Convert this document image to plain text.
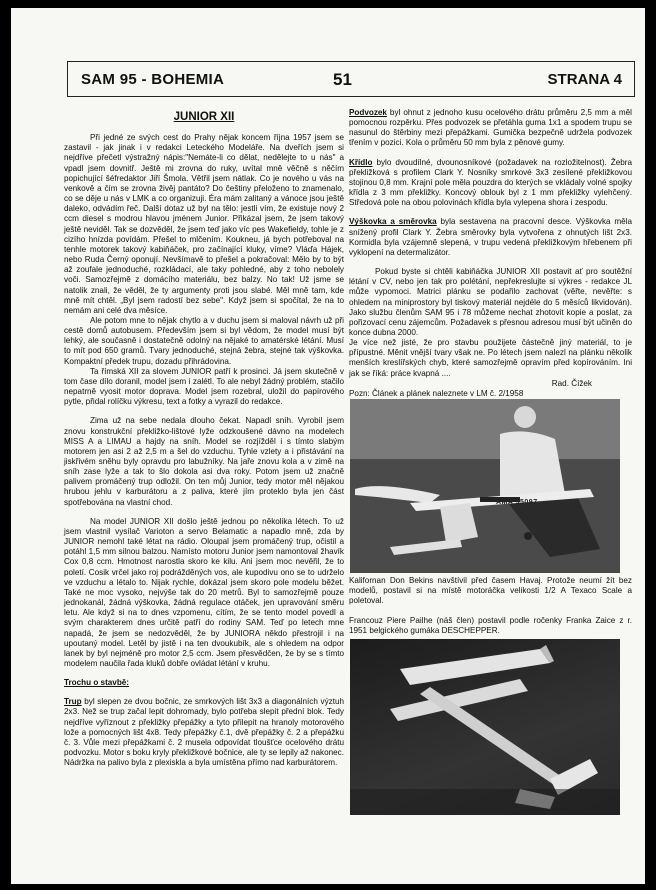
SAM 95 - BOHEMIA	51	STRANA 4
JUNIOR XII

Při jedné ze svých cest do Prahy nějak koncem října 1957 jsem se zastavil - jak jinak i v redakci Leteckého Modeláře. Na dveřích jsem si nejdříve přečetl výstražný nápis:"Nemáte-li co dělat, nedělejte to u nás" a vpadl jsem dovnitř. Ještě mi zrovna do ruky, uvítal mně věčně s něčím popichující šéfredaktor Jiří Šmola. Větřil jsem nátlak. Co je nového u vás na venkově a čím se zrovna živěj pantáto? Do češtiny přeloženo to znamenalo, co se děje u nás v LMK a co organizuji. Éra mám zalitaný a vánoce jsou ještě daleko, odvádím řeč. Další dotaz už byl na tělo: jestli vím, že existuje nový 2 ccm diesel s modrou hlavou jménem Junior. Přikázal jsem, že jsem takový ještě neviděl. Tak se dozvěděl, že jsem teď jako víc pes Wakefieldy, tohle je z cizího hnízda povídám. Přešel to mlčením. Koukneu, já bych potřeboval na tenhle motorek takový kabiňáček, pro začínající kluky, víme? Vláďa Hájek, nebo Ruda Černý oponují. Nevšímavě to přešel a pokračoval: Mělo by to být až zoufale jednoduché, rozkládací, ale taky pohledné, aby z toho nebolely voči. Samozřejmě z domácího materiálu, bez balzy. No tak! Už jsme se natolik znali, že věděl, že ty argumenty proti jsou slabé. Měl mně tam, kde mně mít chtěl. „Byl jsem radostí bez sebe". Když jsem si spočítal, že na to nemám ani celé dva měsíce.

Ale potom mne to nějak chytlo a v duchu jsem si maloval návrh už při cestě domů autobusem. Především jsem si byl vědom, že model musí být lehký, ale současně i dostatečně odolný na nějaké to amatérské létání. Musí to mít pod 650 gramů. Tvary jednoduché, stejná žebra, stejné tak výškovka. Kompaktní předek trupu, dozadu přihrádovina.

Ta římská XII za slovem JUNIOR patří k prosinci. Já jsem skutečně v tom čase dílo doranil, model jsem i zalétl. To ale nebyl žádný problém, stačilo nepatrně vyosit motor doprava. Model jsem rozebral, uložil do papírového pytle, přidal rolíčku výkresu, text a fotky a vyrazil do redakce.

Zima už na sebe nedala dlouho čekat. Napadl sníh. Vyrobil jsem znovu konstrukční překližko-lištové lyže odzkoušené dávno na modelech MISS A a LIMAU a hajdy na sníh. Model se rozjížděl i s tímto slabým motorem jen asi 2 až 2,5 m a šel do vzduchu. Tyhle vzlety a i přistávání na jiskřivém sněhu byly opravdu pro labužníky. Na jaře znovu kola a v zimě na sníh zase lyže a tak to šlo dokola asi dva roky. Potom jsem už značně palivem promáčený trup odložil. On ten můj Junior, tedy motor měl nějakou hrubou jehlu v karburátoru a z paliva, které jím proteklo byla jen část spotřebována na vlastní chod.

Na model JUNIOR XII došlo ještě jednou po několika létech. To už jsem vlastnil vysílač Varioton a servo Belamatic a napadlo mně, zda by JUNIOR nemohl také létat na rádio. Oloupal jsem promáčený trup, očistil a potáhl 1,5 mm silnou balzou. Namísto motoru Junior jsem namontoval žhavík Cox 0,8 ccm. Hmotnost narostla skoro ke kilu. Ani jsem moc nevěřil, že to poletí. Cosik vrčel jako roj podrážděných vos, ale kupodivu ono se to udrželo ve vzduchu a létalo to. Nijak rychle, dokázal jsem skoro pole modelu běžet. Také ne moc vysoko, nejvýše tak do 20 metrů. Byl to samozřejmě pouze jednokanál, žádná výškovka, žádná regulace otáček, jen upravování směru letu. Ale když si na to dnes vzpomenu, cítím, že se tento model povedl a svým charakterem dnes určitě patří do rodiny SAM. Teď po letech mne napadá, že jsem se nedozvěděl, že by JUNIORA někdo přestrojil i na upoutaný model. Letěl by jistě i na ten dvoukubík, ale s ohledem na odpor lanek by byl nejméně pro motor 2,5 ccm. Jsem přesvědčen, že by se s tímto modelem naučila řada kluků dobře ovládat létání v kruhu.

Trochu o stavbě:

Trup byl slepen ze dvou bočnic, ze smrkových lišt 3x3 a diagonálních výztuh 2x3. Než se trup začal lepit dohromady, bylo potřeba slepit přední blok. Tedy nejdříve vyříznout z překližky přepážky a tyto přilepit na hranoly motorového lože a pomocných lišt 4x8. Tedy přepážky č.1, dvě přepážky č. 2 a přepážku č. 3. Vůle mezi přepážkami č. 2 musela odpovídat tloušťce ocelového drátu podvozku. Motor s boku kryly překližkové bočnice, ale ty se lepily až nakonec. Nádržka na palivo byla z plexiskla a byla umístěna přímo nad karburátorem.

Podvozek byl ohnut z jednoho kusu ocelového drátu průměru 2,5 mm a měl pomocnou rozpěrku. Přes podvozek se přetáhla guma 1x1 a spodem trupu se nasunul do štěrbiny mezi přepážkami. Gumička bezpečně udržela podvozek třením v pozici. Kola o průměru 50 mm byla z pěnové gumy.

Křídlo bylo dvoudílné, dvounosníkové (požadavek na rozložitelnost). Žebra překližková s profilem Clark Y. Nosníky smrkové 3x3 zesílené překližkovou stojinou 0,8 mm. Krajní pole měla pouzdra do kterých se vkládaly volné spojky křídla z 3 mm překližky. Koncový oblouk byl z 1 mm překližky vylehčený. Středová pole na obou polovinách křídla byla vylepena shora i zespodu.

Výškovka a směrovka byla sestavena na pracovní desce. Výškovka měla snížený profil Clark Y. Žebra směrovky byla vytvořena z ohnutých lišt 2x3. Kormidla byla vzájemně slepená, v trupu vedená překližkovým hřebenem při vyklopení na determalizátor.

Pokud byste si chtěli kabiňáčka JUNIOR XII postavit ať pro soutěžní létání v CV, nebo jen tak pro polétání, nepřekreslujte si výkres - redakce JL může vypomoci. Matrici plánku se podařilo zachovat (věřte, nevěřte: s ohledem na miniprostory byl tiskový materiál nejdéle do 5 měsíců likvidován). Jako službu členům SAM 95 i 78 můžeme nechat zhotovit kopie a poslat, za pořizovací cenu zájemcům. Požadavek s přesnou adresou musí být učiněn do konce dubna 2000.

Je více než jisté, že pro stavbu použijete částečně jiný materiál, to je přípustné. Měnit vnější tvary však ne. Po létech jsem nalezl na plánku několik menších kreslířských chyb, které samozřejmě opravím před kopírováním. Ini jak se říká: práce kvapná ....

Rad. Čížek

Pozn: Článek a plánek naleznete v LM č. 2/1958

AMA 95097

Kalifornan Don Bekins navštívil před časem Havaj. Protože neumí žít bez modelů, postavil si na místě motoráčka velikosti 1/2 A Texaco Scale a poletoval.

Francouz Piere Pailhe (náš člen) postavil podle ročenky Franka Zaice z r. 1951 belgického gumáka DESCHEPPER.
